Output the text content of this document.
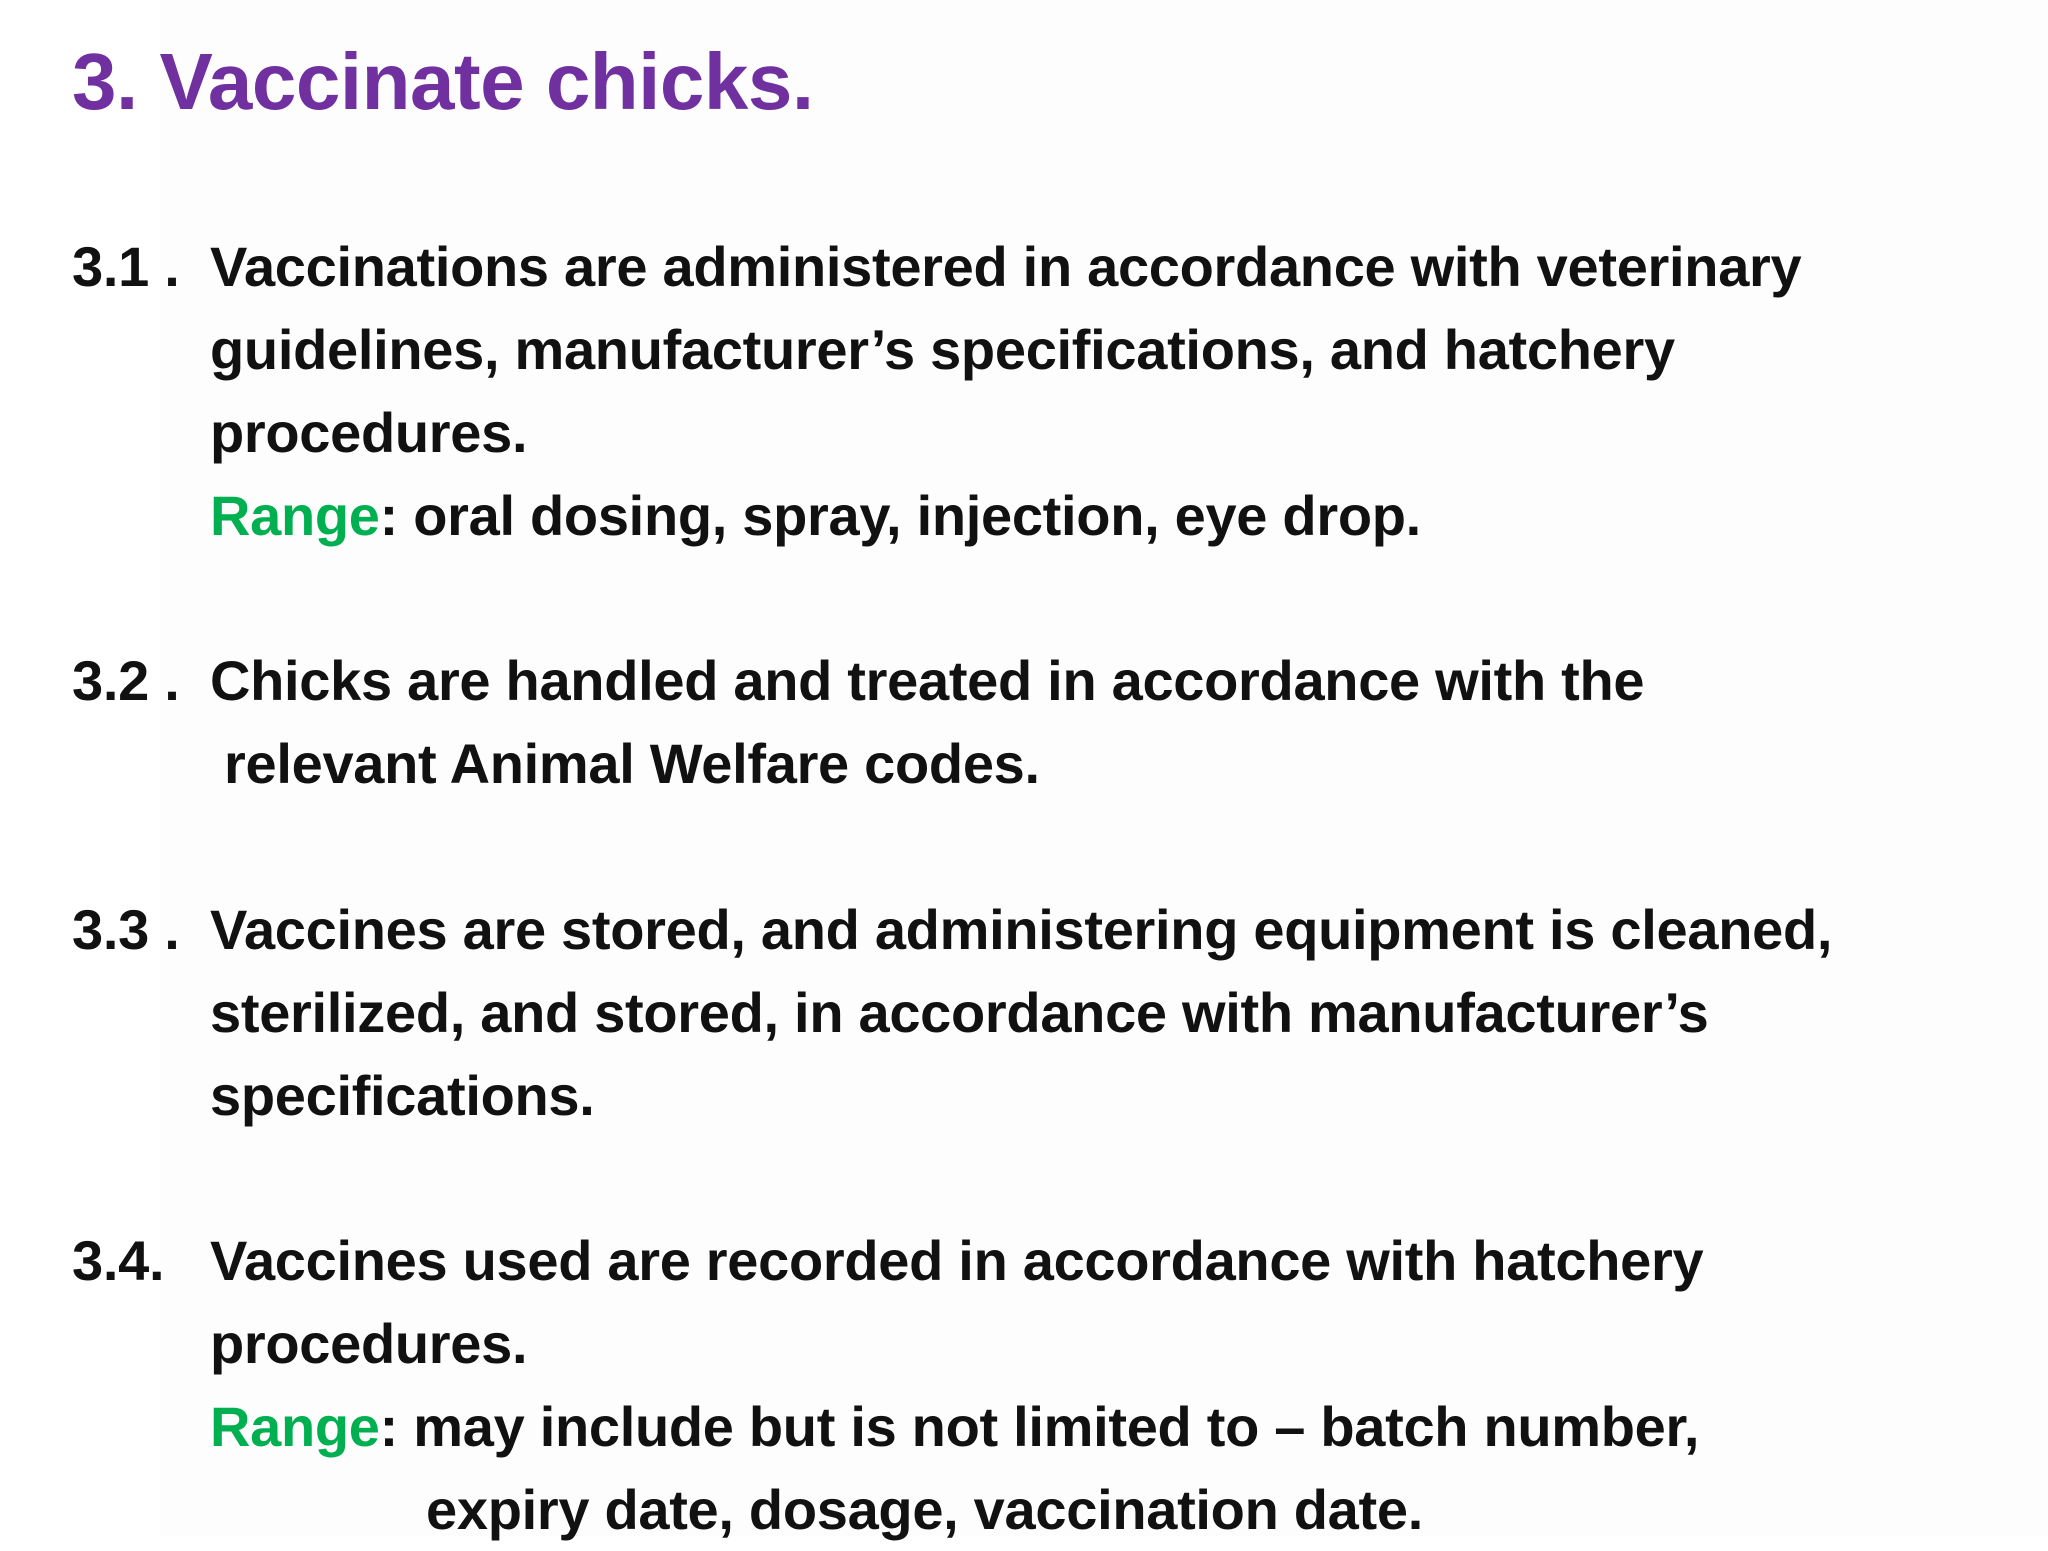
3. Vaccinate chicks.
3.1 . Vaccinations are administered in accordance with veterinary
guidelines, manufacturer’s specifications, and hatchery
procedures.
Range: oral dosing, spray, injection, eye drop.
3.2 . Chicks are handled and treated in accordance with the
relevant Animal Welfare codes.
3.3 . Vaccines are stored, and administering equipment is cleaned,
sterilized, and stored, in accordance with manufacturer’s
specifications.
3.4. Vaccines used are recorded in accordance with hatchery
procedures.
Range: may include but is not limited to – batch number,
expiry date, dosage, vaccination date.
